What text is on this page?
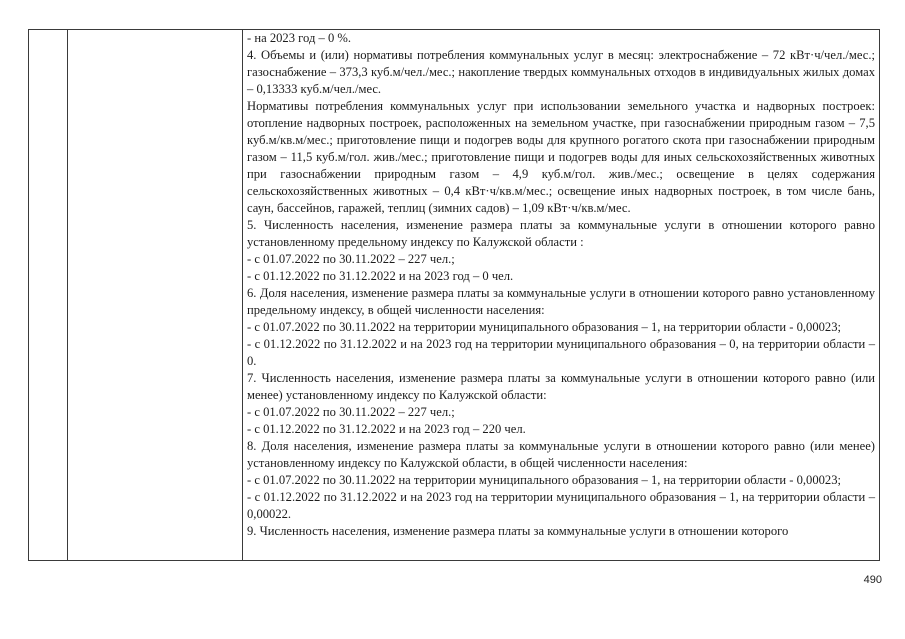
- на 2023 год – 0 %.

4. Объемы и (или) нормативы потребления коммунальных услуг в месяц: электроснабжение – 72 кВт·ч/чел./мес.; газоснабжение – 373,3 куб.м/чел./мес.; накопление твердых коммунальных отходов в индивидуальных жилых домах – 0,13333 куб.м/чел./мес.

Нормативы потребления коммунальных услуг при использовании земельного участка и надворных построек: отопление надворных построек, расположенных на земельном участке, при газоснабжении природным газом – 7,5 куб.м/кв.м/мес.; приготовление пищи и подогрев воды для крупного рогатого скота при газоснабжении природным газом – 11,5 куб.м/гол. жив./мес.; приготовление пищи и подогрев воды для иных сельскохозяйственных животных при газоснабжении природным газом – 4,9 куб.м/гол. жив./мес.; освещение в целях содержания сельскохозяйственных животных – 0,4 кВт·ч/кв.м/мес.; освещение иных надворных построек, в том числе бань, саун, бассейнов, гаражей, теплиц (зимних садов) – 1,09 кВт·ч/кв.м/мес.

5. Численность населения, изменение размера платы за коммунальные услуги в отношении которого равно установленному предельному индексу по Калужской области :

- с 01.07.2022 по 30.11.2022 – 227 чел.;

- с 01.12.2022 по 31.12.2022 и на 2023 год – 0 чел.

6. Доля населения, изменение размера платы за коммунальные услуги в отношении которого равно установленному предельному индексу, в общей численности населения:

- с 01.07.2022 по 30.11.2022 на территории муниципального образования – 1, на территории области - 0,00023;

- с 01.12.2022 по 31.12.2022 и на 2023 год на территории муниципального образования – 0, на территории области – 0.

7. Численность населения, изменение размера платы за коммунальные услуги в отношении которого равно (или менее) установленному индексу по Калужской области:

- с 01.07.2022 по 30.11.2022 – 227 чел.;

- с 01.12.2022 по 31.12.2022 и на 2023 год – 220 чел.

8. Доля населения, изменение размера платы за коммунальные услуги в отношении которого равно (или менее) установленному индексу по Калужской области, в общей численности населения:

- с 01.07.2022 по 30.11.2022 на территории муниципального образования – 1, на территории области - 0,00023;

- с 01.12.2022 по 31.12.2022 и на 2023 год на территории муниципального образования – 1, на территории области – 0,00022.

9. Численность населения, изменение размера платы за коммунальные услуги в отношении которого

490
